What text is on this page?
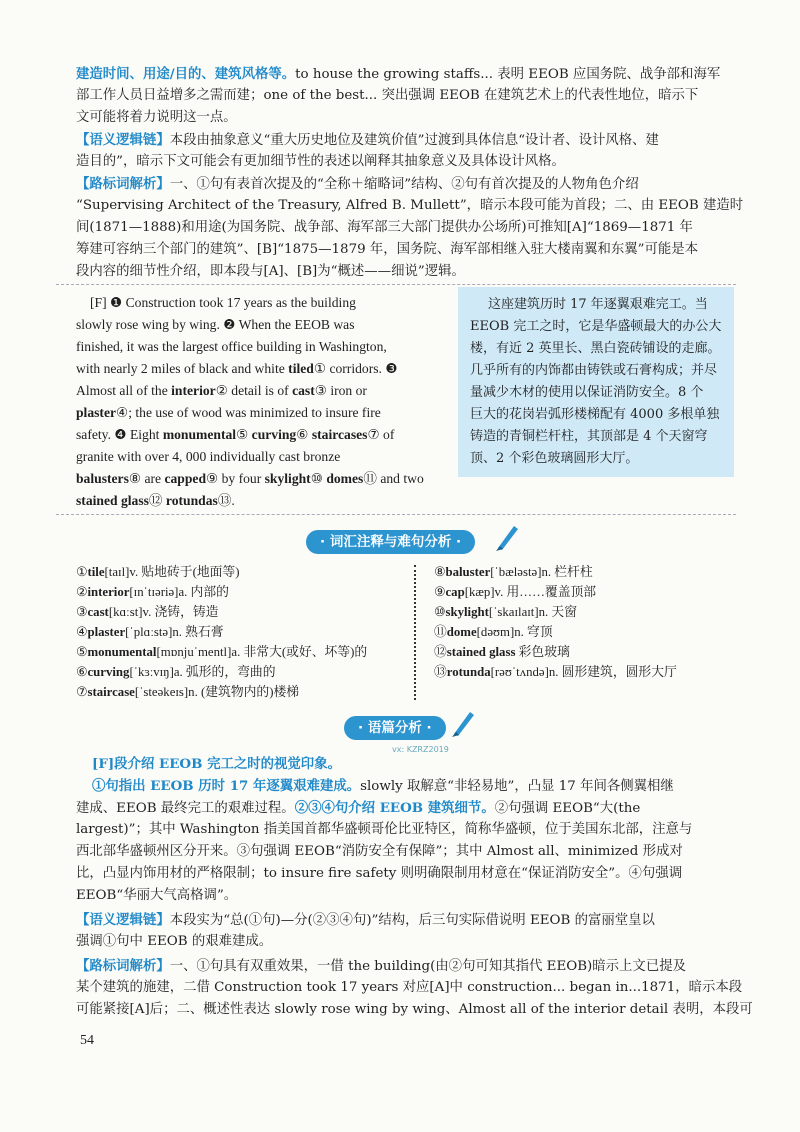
建造时间、用途/目的、建筑风格等。to house the growing staffs... 表明 EEOB 应国务院、战争部和海军
部工作人员日益增多之需而建；one of the best... 突出强调 EEOB 在建筑艺术上的代表性地位，暗示下
文可能将着力说明这一点。
【语义逻辑链】本段由抽象意义“重大历史地位及建筑价值”过渡到具体信息“设计者、设计风格、建
造目的”，暗示下文可能会有更加细节性的表述以阐释其抽象意义及具体设计风格。
【路标词解析】一、①句有表首次提及的“全称＋缩略词”结构、②句有首次提及的人物角色介绍
“Supervising Architect of the Treasury, Alfred B. Mullett”，暗示本段可能为首段；二、由 EEOB 建造时
间(1871—1888)和用途(为国务院、战争部、海军部三大部门提供办公场所)可推知[A]“1869—1871 年
筹建可容纳三个部门的建筑”、[B]“1875—1879 年，国务院、海军部相继入驻大楼南翼和东翼”可能是本
段内容的细节性介绍，即本段与[A]、[B]为“概述——细说”逻辑。
[F] ❶ Construction took 17 years as the building
slowly rose wing by wing. ❷ When the EEOB was
finished, it was the largest office building in Washington,
with nearly 2 miles of black and white tiled① corridors. ❸
Almost all of the interior② detail is of cast③ iron or
plaster④; the use of wood was minimized to insure fire
safety. ❹ Eight monumental⑤ curving⑥ staircases⑦ of
granite with over 4, 000 individually cast bronze
balusters⑧ are capped⑨ by four skylight⑩ domes⑪ and two
stained glass⑫ rotundas⑬.
这座建筑历时 17 年逐翼艰难完工。当
EEOB 完工之时，它是华盛顿最大的办公大
楼，有近 2 英里长、黑白瓷砖铺设的走廊。
几乎所有的内饰都由铸铁或石膏构成；并尽
量减少木材的使用以保证消防安全。8 个
巨大的花岗岩弧形楼梯配有 4000 多根单独
铸造的青铜栏杆柱，其顶部是 4 个天窗穹
顶、2 个彩色玻璃圆形大厅。
· 词汇注释与难句分析 ·
①tile[taɪl]v. 贴地砖于(地面等)
②interior[ɪnˈtɪəriə]a. 内部的
③cast[kɑːst]v. 浇铸，铸造
④plaster[ˈplɑːstə]n. 熟石膏
⑤monumental[mɒnjuˈmentl]a. 非常大(或好、坏等)的
⑥curving[ˈkɜːvɪŋ]a. 弧形的，弯曲的
⑦staircase[ˈsteəkeɪs]n. (建筑物内的)楼梯
⑧baluster[ˈbæləstə]n. 栏杆柱
⑨cap[kæp]v. 用……覆盖顶部
⑩skylight[ˈskaɪlaɪt]n. 天窗
⑪dome[dəʊm]n. 穹顶
⑫stained glass 彩色玻璃
⑬rotunda[rəʊˈtʌndə]n. 圆形建筑，圆形大厅
· 语篇分析 ·
vx: KZRZ2019
[F]段介绍 EEOB 完工之时的视觉印象。
①句指出 EEOB 历时 17 年逐翼艰难建成。slowly 取解意“非轻易地”，凸显 17 年间各侧翼相继
建成、EEOB 最终完工的艰难过程。②③④句介绍 EEOB 建筑细节。②句强调 EEOB“大(the
largest)”；其中 Washington 指美国首都华盛顿哥伦比亚特区，简称华盛顿，位于美国东北部，注意与
西北部华盛顿州区分开来。③句强调 EEOB“消防安全有保障”；其中 Almost all、minimized 形成对
比，凸显内饰用材的严格限制；to insure fire safety 则明确限制用材意在“保证消防安全”。④句强调
EEOB“华丽大气高格调”。
【语义逻辑链】本段实为“总(①句)—分(②③④句)”结构，后三句实际借说明 EEOB 的富丽堂皇以
强调①句中 EEOB 的艰难建成。
【路标词解析】一、①句具有双重效果，一借 the building(由②句可知其指代 EEOB)暗示上文已提及
某个建筑的施建，二借 Construction took 17 years 对应[A]中 construction... began in...1871，暗示本段
可能紧接[A]后；二、概述性表达 slowly rose wing by wing、Almost all of the interior detail 表明，本段可
54
